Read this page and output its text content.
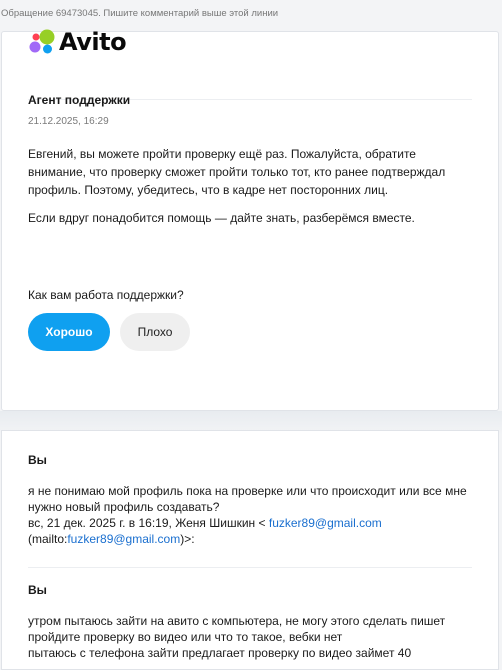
Обращение 69473045. Пишите комментарий выше этой линии
Avito
Агент поддержки
21.12.2025, 16:29
Евгений, вы можете пройти проверку ещё раз. Пожалуйста, обратите внимание, что проверку сможет пройти только тот, кто ранее подтверждал профиль. Поэтому, убедитесь, что в кадре нет посторонних лиц.
Если вдруг понадобится помощь — дайте знать, разберёмся вместе.
Как вам работа поддержки?
Хорошо	Плохо
Вы
я не понимаю мой профиль пока на проверке или что происходит или все мне нужно новый профиль создавать?
вс, 21 дек. 2025 г. в 16:19, Женя Шишкин < fuzker89@gmail.com
(mailto:fuzker89@gmail.com)>:
Вы
утром пытаюсь зайти на авито с компьютера, не могу этого сделать пишет пройдите проверку во видео или что то такое, вебки нет
пытаюсь с телефона зайти предлагает проверку по видео займет 40
